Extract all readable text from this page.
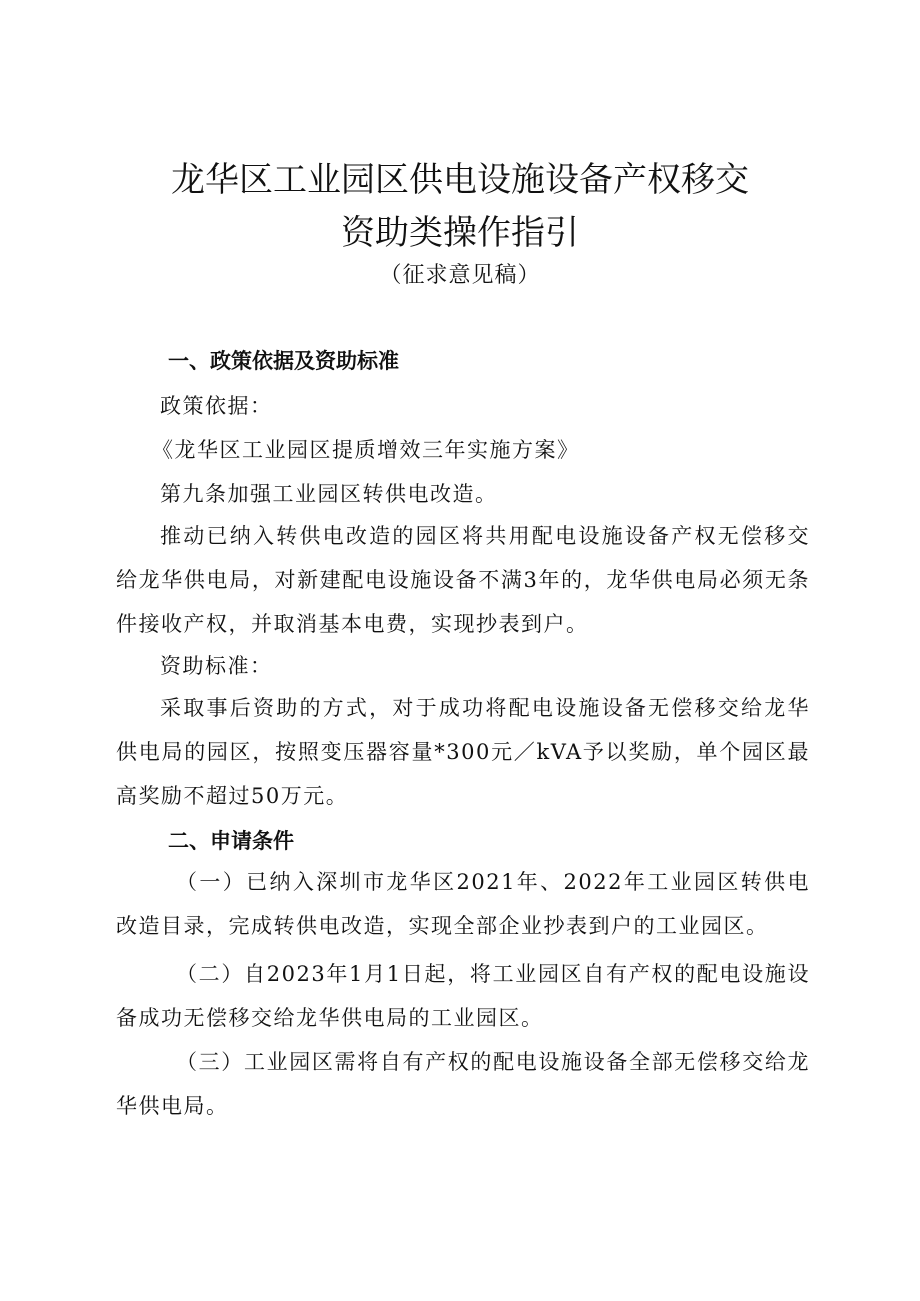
龙华区工业园区供电设施设备产权移交
资助类操作指引
（征求意见稿）
一、政策依据及资助标准
政策依据：
《龙华区工业园区提质增效三年实施方案》
第九条加强工业园区转供电改造。
推动已纳入转供电改造的园区将共用配电设施设备产权无偿移交给龙华供电局，对新建配电设施设备不满3年的，龙华供电局必须无条件接收产权，并取消基本电费，实现抄表到户。
资助标准：
采取事后资助的方式，对于成功将配电设施设备无偿移交给龙华供电局的园区，按照变压器容量*300元／kVA予以奖励，单个园区最高奖励不超过50万元。
二、申请条件
（一）已纳入深圳市龙华区2021年、2022年工业园区转供电改造目录，完成转供电改造，实现全部企业抄表到户的工业园区。
（二）自2023年1月1日起，将工业园区自有产权的配电设施设备成功无偿移交给龙华供电局的工业园区。
（三）工业园区需将自有产权的配电设施设备全部无偿移交给龙华供电局。
